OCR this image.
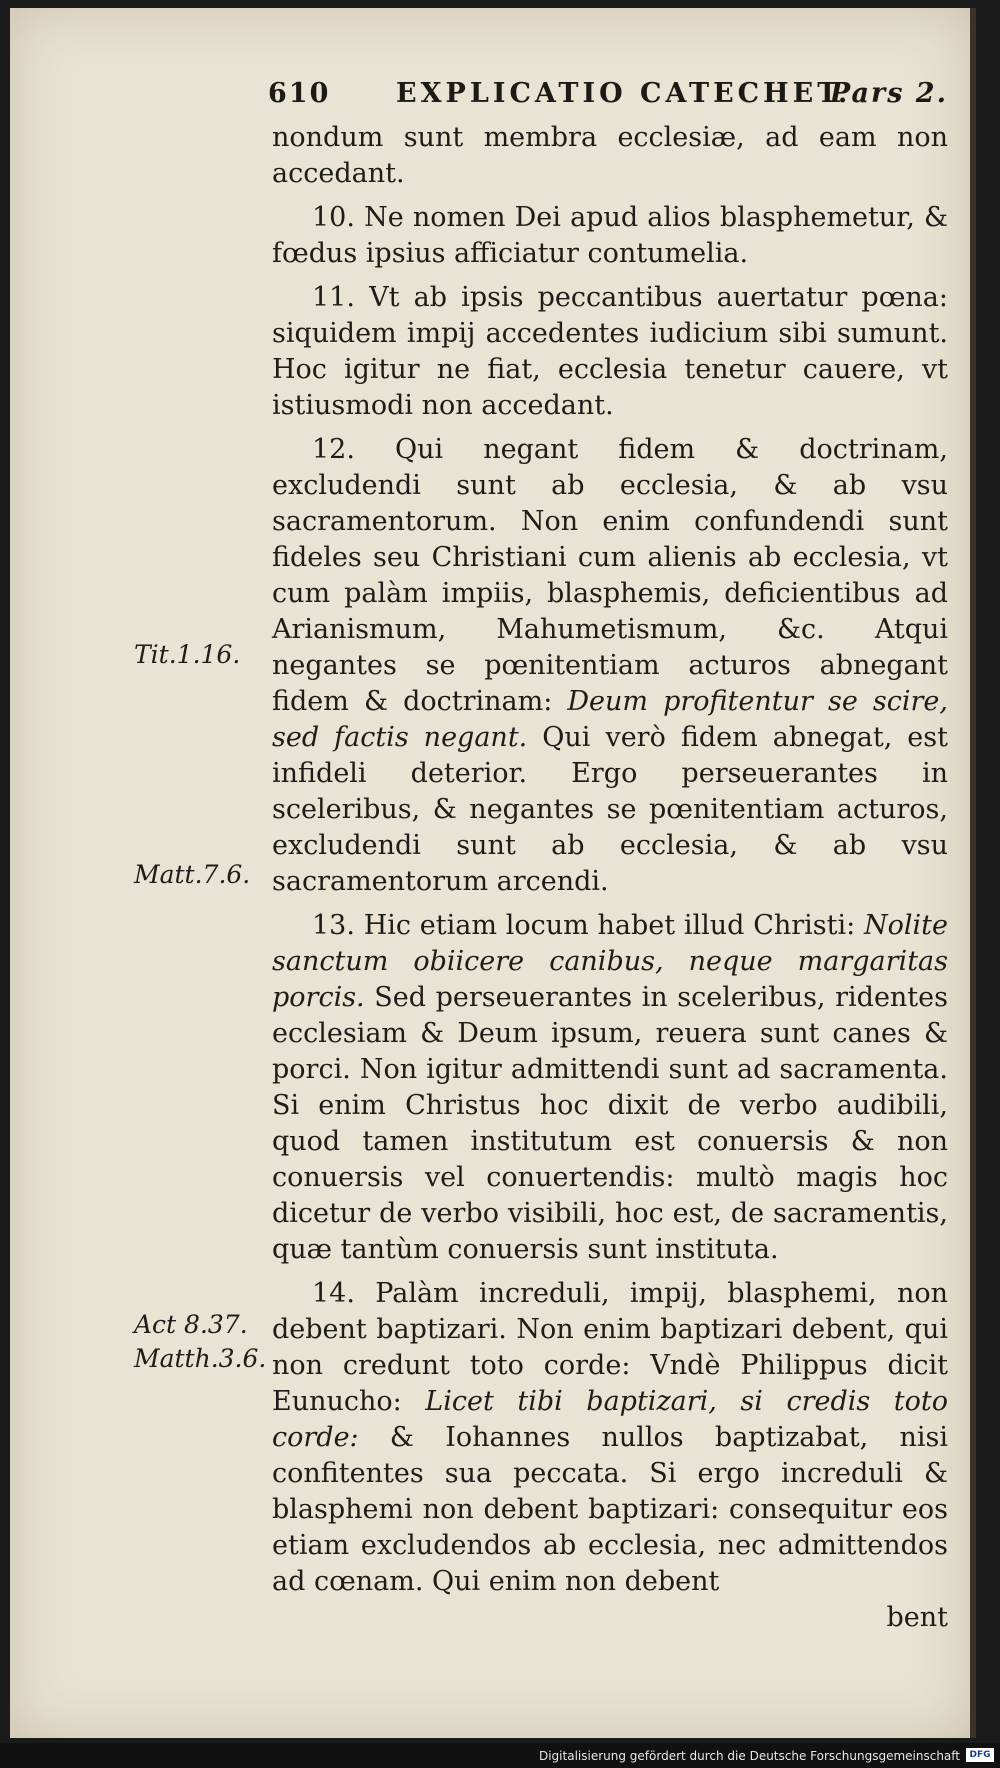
610 EXPLICATIO CATECHET.
Pars 2.
Tit.1.16.
Matt.7.6.
Act 8.37.
Matth.3.6.

nondum sunt membra ecclesiæ, ad eam non accedant.

10. Ne nomen Dei apud alios blasphemetur, & fœdus ipsius afficiatur contumelia.

11. Vt ab ipsis peccantibus auertatur pœna: siquidem impij accedentes iudicium sibi sumunt. Hoc igitur ne fiat, ecclesia tenetur cauere, vt istiusmodi non accedant.

12. Qui negant fidem & doctrinam, excludendi sunt ab ecclesia, & ab vsu sacramentorum. Non enim confundendi sunt fideles seu Christiani cum alienis ab ecclesia, vt cum palàm impiis, blasphemis, deficientibus ad Arianismum, Mahumetismum, &c. Atqui negantes se pœnitentiam acturos abnegant fidem & doctrinam: Deum profitentur se scire, sed factis negant. Qui verò fidem abnegat, est infideli deterior. Ergo perseuerantes in sceleribus, & negantes se pœnitentiam acturos, excludendi sunt ab ecclesia, & ab vsu sacramentorum arcendi.

13. Hic etiam locum habet illud Christi: Nolite sanctum obiicere canibus, neque margaritas porcis. Sed perseuerantes in sceleribus, ridentes ecclesiam & Deum ipsum, reuera sunt canes & porci. Non igitur admittendi sunt ad sacramenta. Si enim Christus hoc dixit de verbo audibili, quod tamen institutum est conuersis & non conuersis vel conuertendis: multò magis hoc dicetur de verbo visibili, hoc est, de sacramentis, quæ tantùm conuersis sunt instituta.

14. Palàm increduli, impij, blasphemi, non debent baptizari. Non enim baptizari debent, qui non credunt toto corde: Vndè Philippus dicit Eunucho: Licet tibi baptizari, si credis toto corde: & Iohannes nullos baptizabat, nisi confitentes sua peccata. Si ergo increduli & blasphemi non debent baptizari: consequitur eos etiam excludendos ab ecclesia, nec admittendos ad cœnam. Qui enim non debent

bent

Digitalisierung gefördert durch die Deutsche Forschungsgemeinschaft	DFG
